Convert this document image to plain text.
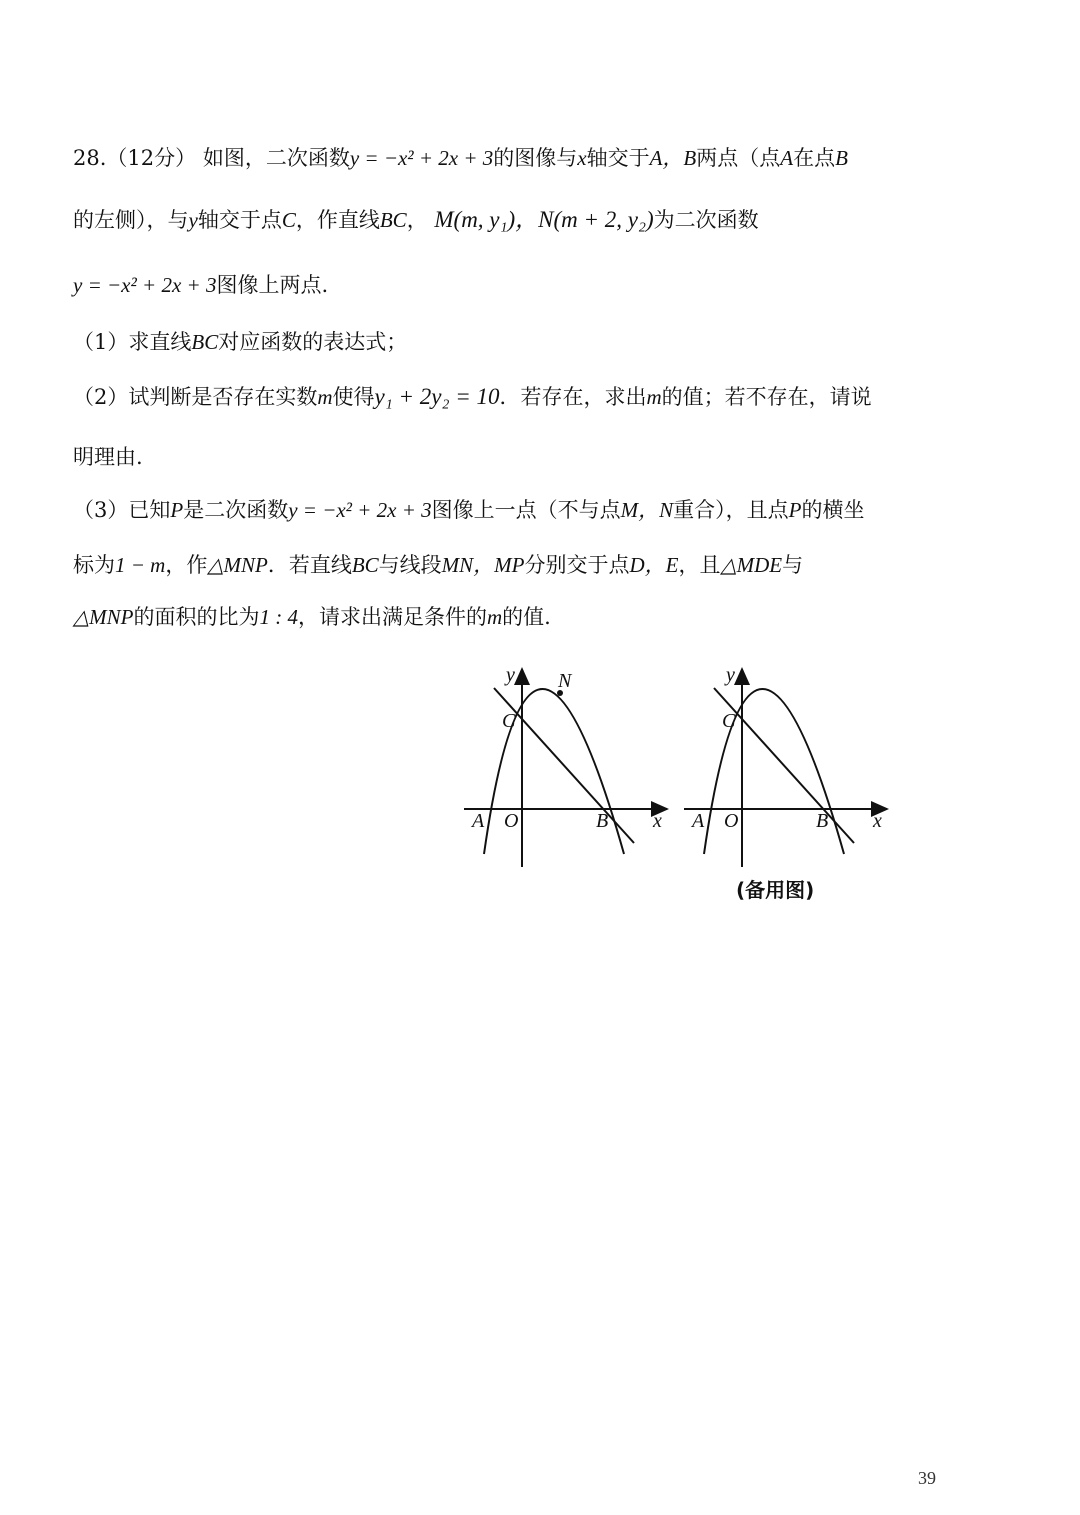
28.（12分） 如图，二次函数y = −x² + 2x + 3的图像与x轴交于A，B两点（点A在点B
的左侧），与y轴交于点C，作直线BC， M(m, y₁)，N(m + 2, y₂)为二次函数
y = −x² + 2x + 3图像上两点.
（1）求直线BC对应函数的表达式；
（2）试判断是否存在实数m使得y₁ + 2y₂ = 10．若存在，求出m的值；若不存在，请说
明理由.
（3）已知P是二次函数y = −x² + 2x + 3图像上一点（不与点M，N重合），且点P的横坐
标为1 − m，作△MNP．若直线BC与线段MN，MP分别交于点D，E，且△MDE与
△MNP的面积的比为1 : 4，请求出满足条件的m的值.
y N
C
A O	B x
y
C
A O	B x
(备用图)
39
